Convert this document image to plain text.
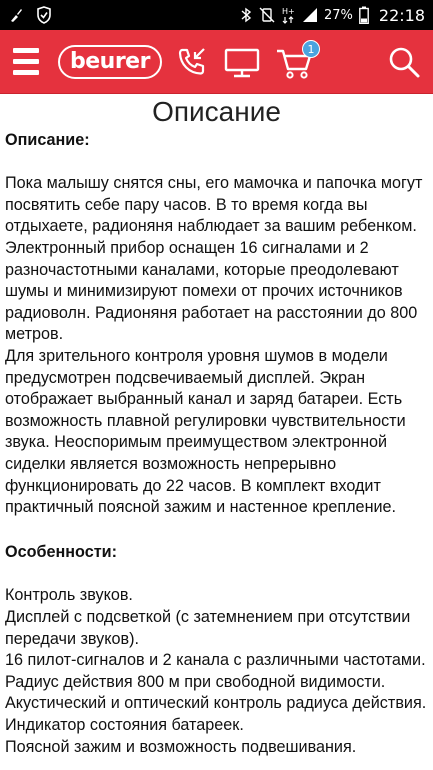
H+ 27% 22:18
beurer	1
Описание
Описание:

Пока малышу снятся сны, его мамочка и папочка могут посвятить себе пару часов. В то время когда вы отдыхаете, радионяня наблюдает за вашим ребенком. Электронный прибор оснащен 16 сигналами и 2 разночастотными каналами, которые преодолевают шумы и минимизируют помехи от прочих источников радиоволн. Радионяня работает на расстоянии до 800 метров.

Для зрительного контроля уровня шумов в модели предусмотрен подсвечиваемый дисплей. Экран отображает выбранный канал и заряд батареи. Есть возможность плавной регулировки чувствительности звука. Неоспоримым преимуществом электронной сиделки является возможность непрерывно функционировать до 22 часов. В комплект входит практичный поясной зажим и настенное крепление.

Особенности:

Контроль звуков.

Дисплей с подсветкой (с затемнением при отсутствии передачи звуков).

16 пилот-сигналов и 2 канала с различными частотами.

Радиус действия 800 м при свободной видимости.

Акустический и оптический контроль радиуса действия.

Индикатор состояния батареек.

Поясной зажим и возможность подвешивания.
